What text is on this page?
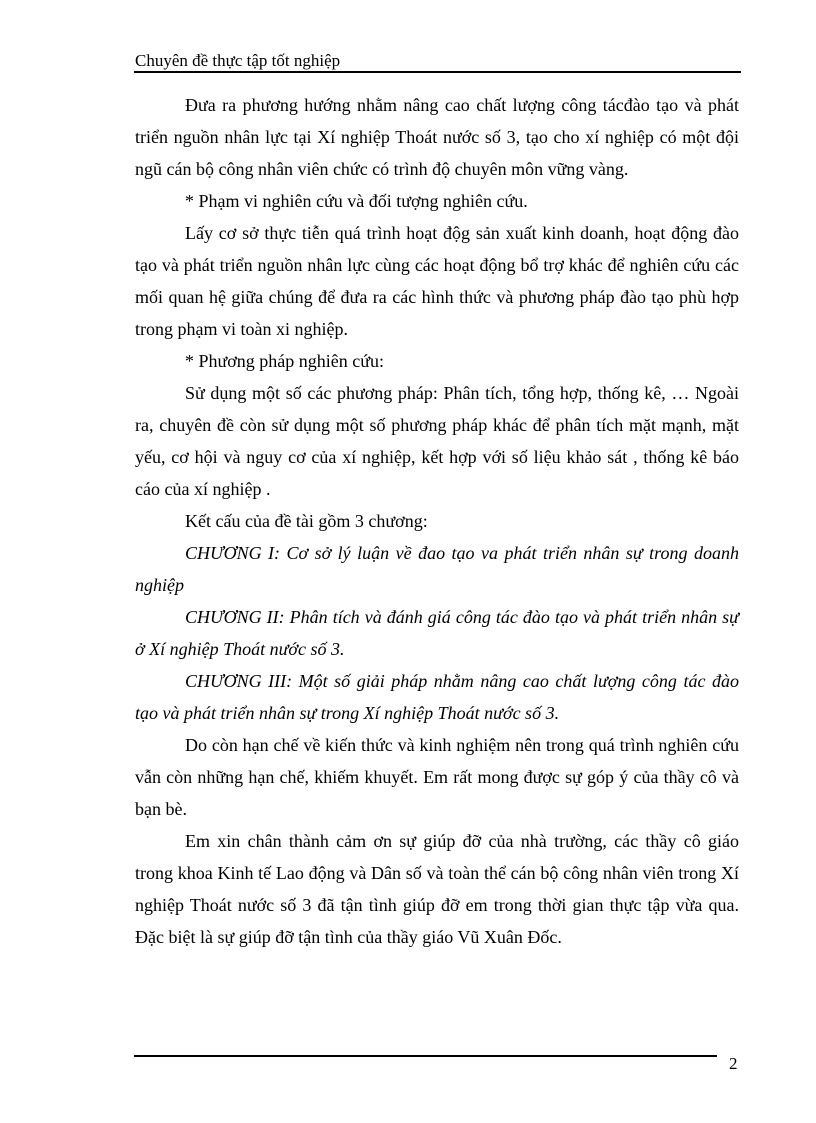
Chuyên đề thực tập tốt nghiệp

Đưa ra phương hướng nhằm nâng cao chất lượng công tácđào tạo và phát triển nguồn nhân lực tại Xí nghiệp Thoát nước số 3, tạo cho xí nghiệp có một đội ngũ cán bộ công nhân viên chức có trình độ chuyên môn vững vàng.

* Phạm vi nghiên cứu và đối tượng nghiên cứu.

Lấy cơ sở thực tiễn quá trình hoạt độg sản xuất kinh doanh, hoạt động đào tạo và phát triển nguồn nhân lực cùng các hoạt động bổ trợ khác để nghiên cứu các mối quan hệ giữa chúng để đưa ra các hình thức và phương pháp đào tạo phù hợp trong phạm vi toàn xi nghiệp.

* Phương pháp nghiên cứu:

Sử dụng một số các phương pháp: Phân tích, tổng hợp, thống kê, … Ngoài ra, chuyên đề còn sử dụng một số phương pháp khác để phân tích mặt mạnh, mặt yếu, cơ hội và nguy cơ của xí nghiệp, kết hợp với số liệu khảo sát , thống kê báo cáo của xí nghiệp .

Kết cấu của đề tài gồm 3 chương:

CHƯƠNG I: Cơ sở lý luận về đao tạo va phát triển nhân sự trong doanh nghiệp

CHƯƠNG II: Phân tích và đánh giá công tác đào tạo và phát triển nhân sự ở Xí nghiệp Thoát nước số 3.

CHƯƠNG III: Một số giải pháp nhằm nâng cao chất lượng công tác đào tạo và phát triển nhân sự trong Xí nghiệp Thoát nước số 3.

Do còn hạn chế về kiến thức và kinh nghiệm nên trong quá trình nghiên cứu vẫn còn những hạn chế, khiếm khuyết. Em rất mong được sự góp ý của thầy cô và bạn bè.

Em xin chân thành cảm ơn sự giúp đỡ của nhà trường, các thầy cô giáo trong khoa Kinh tế Lao động và Dân số và toàn thể cán bộ công nhân viên trong Xí nghiệp Thoát nước số 3 đã tận tình giúp đỡ em trong thời gian thực tập vừa qua. Đặc biệt là sự giúp đỡ tận tình của thầy giáo Vũ Xuân Đốc.

2
